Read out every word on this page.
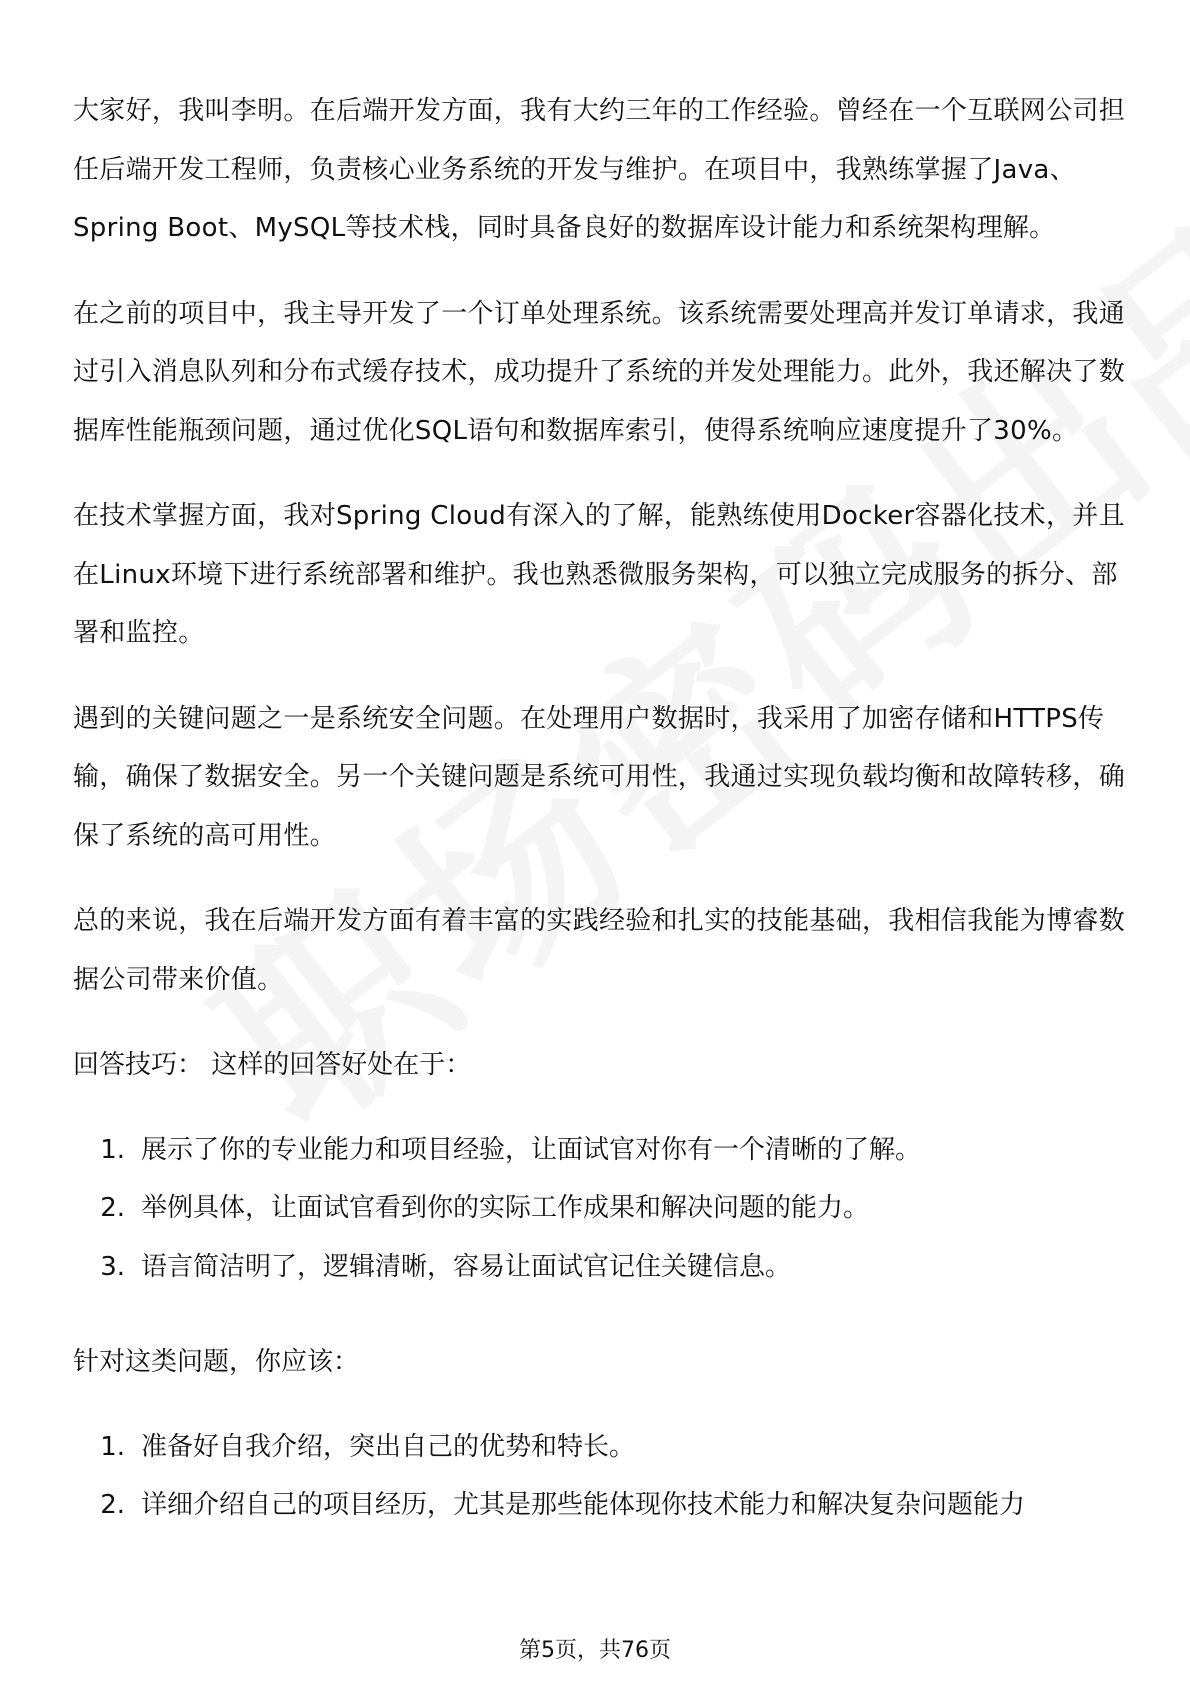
大家好，我叫李明。在后端开发方面，我有大约三年的工作经验。曾经在一个互联网公司担任后端开发工程师，负责核心业务系统的开发与维护。在项目中，我熟练掌握了Java、Spring Boot、MySQL等技术栈，同时具备良好的数据库设计能力和系统架构理解。

在之前的项目中，我主导开发了一个订单处理系统。该系统需要处理高并发订单请求，我通过引入消息队列和分布式缓存技术，成功提升了系统的并发处理能力。此外，我还解决了数据库性能瓶颈问题，通过优化SQL语句和数据库索引，使得系统响应速度提升了30%。

在技术掌握方面，我对Spring Cloud有深入的了解，能熟练使用Docker容器化技术，并且在Linux环境下进行系统部署和维护。我也熟悉微服务架构，可以独立完成服务的拆分、部署和监控。

遇到的关键问题之一是系统安全问题。在处理用户数据时，我采用了加密存储和HTTPS传输，确保了数据安全。另一个关键问题是系统可用性，我通过实现负载均衡和故障转移，确保了系统的高可用性。

总的来说，我在后端开发方面有着丰富的实践经验和扎实的技能基础，我相信我能为博睿数据公司带来价值。

回答技巧： 这样的回答好处在于：

1. 展示了你的专业能力和项目经验，让面试官对你有一个清晰的了解。
2. 举例具体，让面试官看到你的实际工作成果和解决问题的能力。
3. 语言简洁明了，逻辑清晰，容易让面试官记住关键信息。

针对这类问题，你应该：

1. 准备好自我介绍，突出自己的优势和特长。
2. 详细介绍自己的项目经历，尤其是那些能体现你技术能力和解决复杂问题能力
第5页，共76页
